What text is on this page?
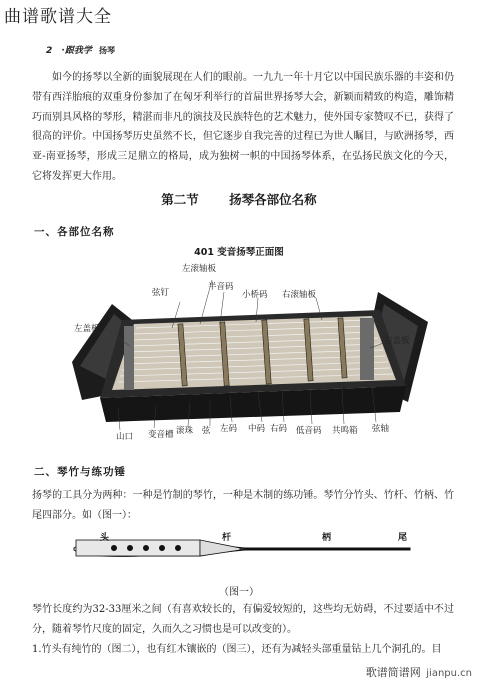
曲谱歌谱大全
2 ·跟我学 扬琴

如今的扬琴以全新的面貌展现在人们的眼前。一九九一年十月它以中国民族乐器的丰姿和仍带有西洋胎痕的双重身份参加了在匈牙利举行的首届世界扬琴大会，新颖而精致的构造，雕饰精巧而别具风格的琴形，精湛而非凡的演技及民族特色的艺术魅力，使外国专家赞叹不已，获得了很高的评价。中国扬琴历史虽然不长，但它逐步自我完善的过程已为世人瞩目，与欧洲扬琴，西亚-南亚扬琴，形成三足鼎立的格局，成为独树一帜的中国扬琴体系，在弘扬民族文化的今天，它将发挥更大作用。

第二节 扬琴各部位名称
一、各部位名称
401 变音扬琴正面图
左滚轴板
弦钉
半音码
小桥码 右滚轴板
左盖板
右盖板
山口 变音槽 滚珠 弦 左码 中码 右码 低音码 共鸣箱 弦轴
二、琴竹与练功锤

扬琴的工具分为两种：一种是竹制的琴竹，一种是木制的练功锤。琴竹分竹头、竹杆、竹柄、竹尾四部分。如（图一）：

头	杆	柄	尾
（图一）

琴竹长度约为32-33厘米之间（有喜欢较长的，有偏爱较短的，这些均无妨碍，不过要适中不过分，随着琴竹尺度的固定，久而久之习惯也是可以改变的）。

1.竹头有纯竹的（图二），也有红木镶嵌的（图三），还有为减轻头部重量钻上几个洞孔的。目

歌谱简谱网 jianpu.cn
